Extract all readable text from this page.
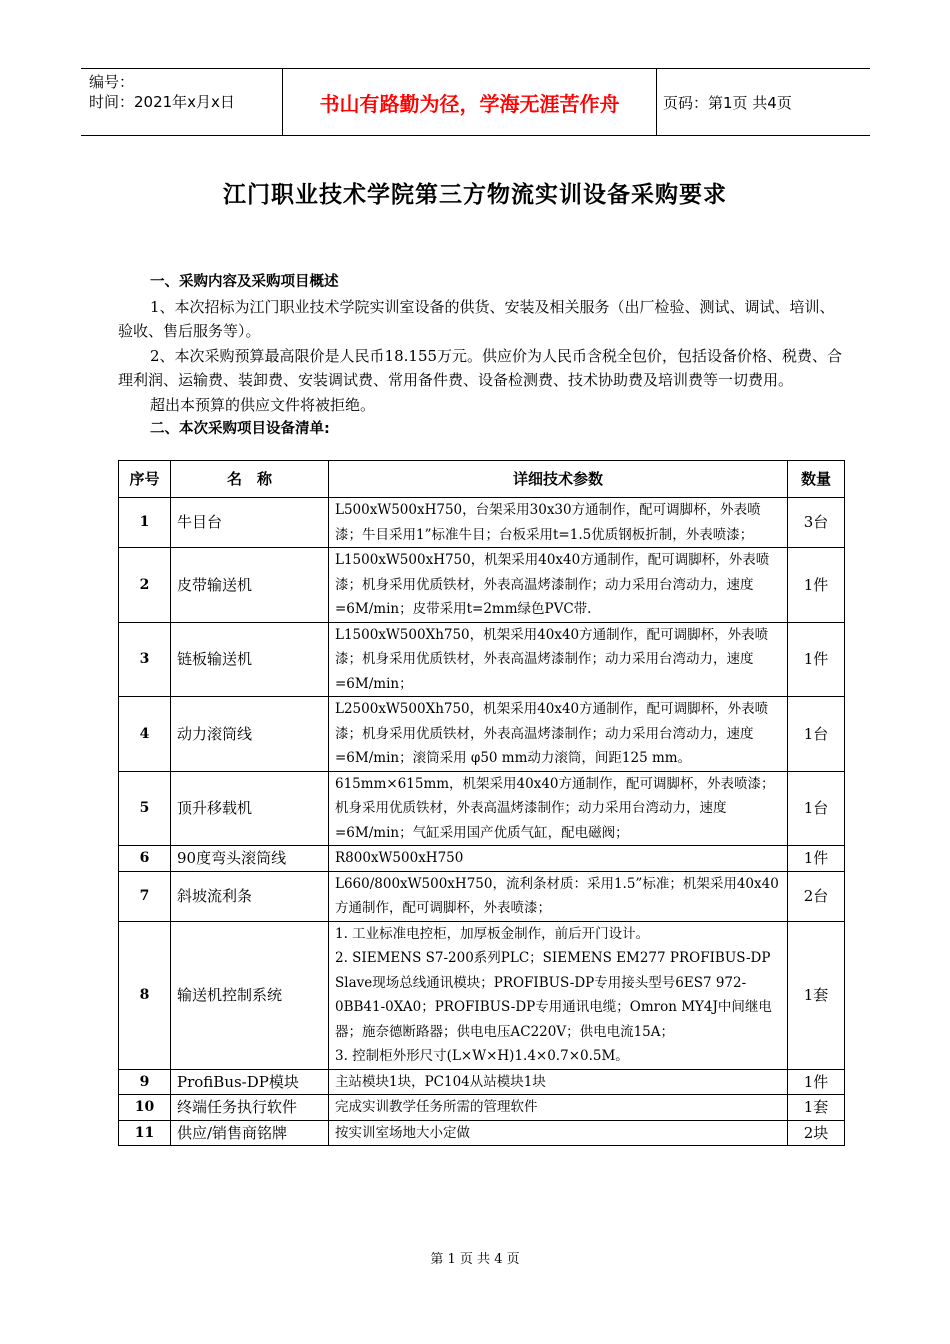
编号：
时间：2021年x月x日	书山有路勤为径，学海无涯苦作舟	页码：第1页 共4页
江门职业技术学院第三方物流实训设备采购要求

一、采购内容及采购项目概述

1、本次招标为江门职业技术学院实训室设备的供货、安装及相关服务（出厂检验、测试、调试、培训、验收、售后服务等）。

2、本次采购预算最高限价是人民币18.155万元。供应价为人民币含税全包价，包括设备价格、税费、合理利润、运输费、装卸费、安装调试费、常用备件费、设备检测费、技术协助费及培训费等一切费用。

超出本预算的供应文件将被拒绝。

二、本次采购项目设备清单:

序号	名　称	详细技术参数	数量
1	牛目台	L500xW500xH750，台架采用30x30方通制作，配可调脚杯，外表喷漆；牛目采用1”标准牛目；台板采用t=1.5优质钢板折制，外表喷漆；	3台
2	皮带输送机	L1500xW500xH750，机架采用40x40方通制作，配可调脚杯，外表喷漆；机身采用优质铁材，外表高温烤漆制作；动力采用台湾动力，速度=6M/min；皮带采用t=2mm绿色PVC带.	1件
3	链板输送机	L1500xW500Xh750，机架采用40x40方通制作，配可调脚杯，外表喷漆；机身采用优质铁材，外表高温烤漆制作；动力采用台湾动力，速度=6M/min；	1件
4	动力滚筒线	L2500xW500Xh750，机架采用40x40方通制作，配可调脚杯，外表喷漆；机身采用优质铁材，外表高温烤漆制作；动力采用台湾动力，速度=6M/min；滚筒采用 φ50 mm动力滚筒，间距125 mm。	1台
5	顶升移载机	615mm×615mm，机架采用40x40方通制作，配可调脚杯，外表喷漆；机身采用优质铁材，外表高温烤漆制作；动力采用台湾动力，速度=6M/min；气缸采用国产优质气缸，配电磁阀；	1台
6	90度弯头滚筒线	R800xW500xH750	1件
7	斜坡流利条	L660/800xW500xH750，流利条材质：采用1.5”标准；机架采用40x40方通制作，配可调脚杯，外表喷漆；	2台
8	输送机控制系统	1. 工业标准电控柜，加厚板金制作，前后开门设计。
2. SIEMENS S7-200系列PLC；SIEMENS EM277 PROFIBUS-DP Slave现场总线通讯模块；PROFIBUS-DP专用接头型号6ES7 972-0BB41-0XA0；PROFIBUS-DP专用通讯电缆；Omron MY4J中间继电器；施奈德断路器；供电电压AC220V；供电电流15A；
3. 控制柜外形尺寸(L×W×H)1.4×0.7×0.5M。	1套
9	ProfiBus-DP模块	主站模块1块，PC104从站模块1块	1件
10	终端任务执行软件	完成实训教学任务所需的管理软件	1套
11	供应/销售商铭牌	按实训室场地大小定做	2块
第 1 页 共 4 页
